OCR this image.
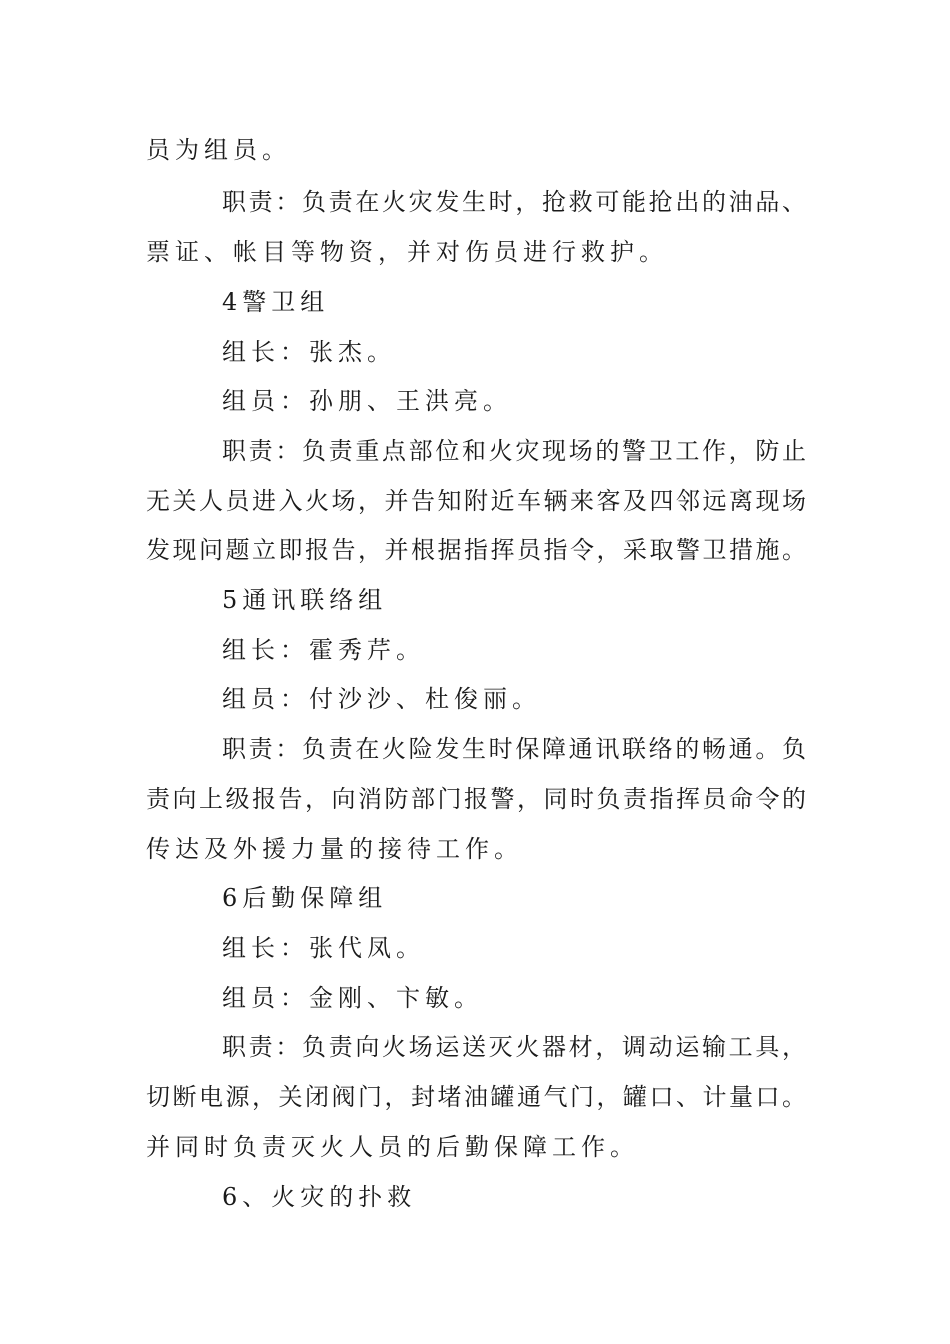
员为组员。
职责：负责在火灾发生时，抢救可能抢出的油品、
票证、帐目等物资，并对伤员进行救护。
4警卫组
组长：张杰。
组员：孙朋、王洪亮。
职责：负责重点部位和火灾现场的警卫工作，防止
无关人员进入火场，并告知附近车辆来客及四邻远离现场
发现问题立即报告，并根据指挥员指令，采取警卫措施。
5通讯联络组
组长：霍秀芹。
组员：付沙沙、杜俊丽。
职责：负责在火险发生时保障通讯联络的畅通。负
责向上级报告，向消防部门报警，同时负责指挥员命令的
传达及外援力量的接待工作。
6后勤保障组
组长：张代凤。
组员：金刚、卞敏。
职责：负责向火场运送灭火器材，调动运输工具，
切断电源，关闭阀门，封堵油罐通气门，罐口、计量口。
并同时负责灭火人员的后勤保障工作。
6、火灾的扑救
